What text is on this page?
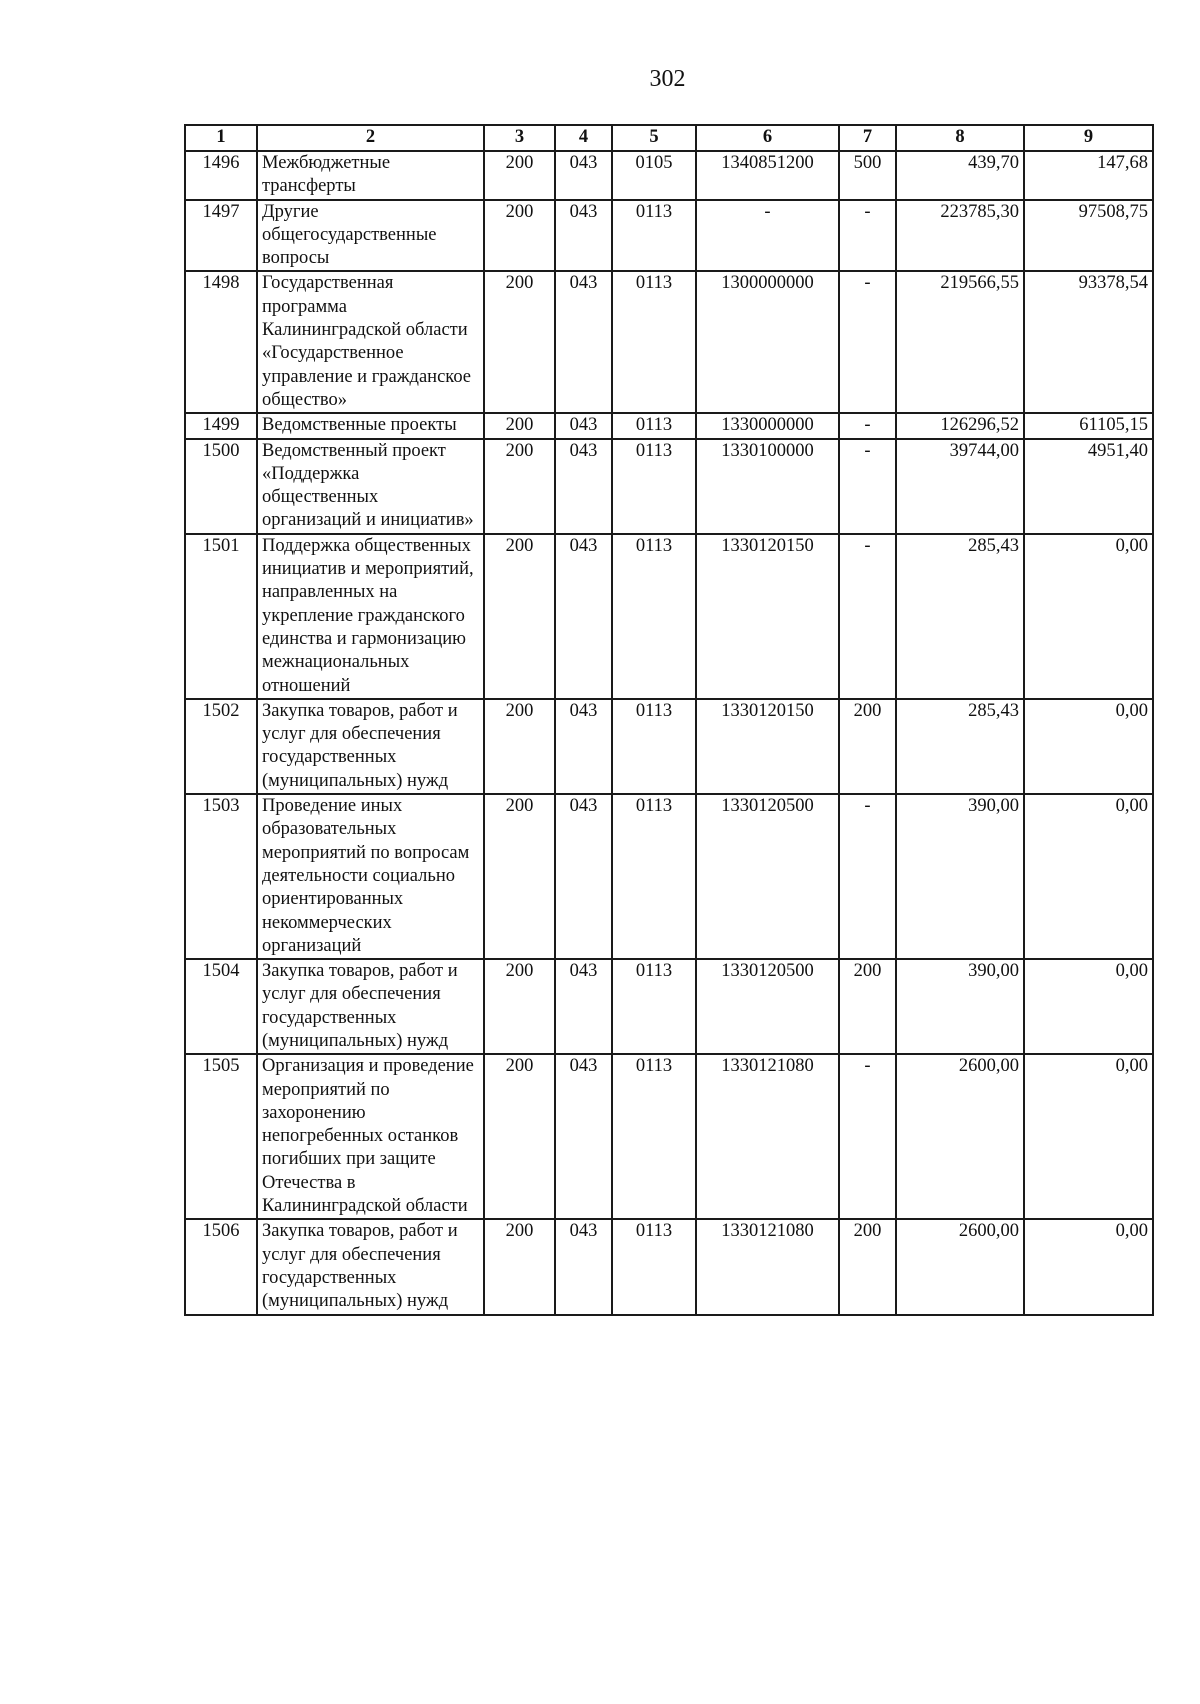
302
1	2	3	4	5	6	7	8	9
1496	Межбюджетные трансферты	200	043	0105	1340851200	500	439,70	147,68
1497	Другие общегосударственные вопросы	200	043	0113	-	-	223785,30	97508,75
1498	Государственная программа Калининградской области «Государственное управление и гражданское общество»	200	043	0113	1300000000	-	219566,55	93378,54
1499	Ведомственные проекты	200	043	0113	1330000000	-	126296,52	61105,15
1500	Ведомственный проект «Поддержка общественных организаций и инициатив»	200	043	0113	1330100000	-	39744,00	4951,40
1501	Поддержка общественных инициатив и мероприятий, направленных на укрепление гражданского единства и гармонизацию межнациональных отношений	200	043	0113	1330120150	-	285,43	0,00
1502	Закупка товаров, работ и услуг для обеспечения государственных (муниципальных) нужд	200	043	0113	1330120150	200	285,43	0,00
1503	Проведение иных образовательных мероприятий по вопросам деятельности социально ориентированных некоммерческих организаций	200	043	0113	1330120500	-	390,00	0,00
1504	Закупка товаров, работ и услуг для обеспечения государственных (муниципальных) нужд	200	043	0113	1330120500	200	390,00	0,00
1505	Организация и проведение мероприятий по захоронению непогребенных останков погибших при защите Отечества в Калининградской области	200	043	0113	1330121080	-	2600,00	0,00
1506	Закупка товаров, работ и услуг для обеспечения государственных (муниципальных) нужд	200	043	0113	1330121080	200	2600,00	0,00
